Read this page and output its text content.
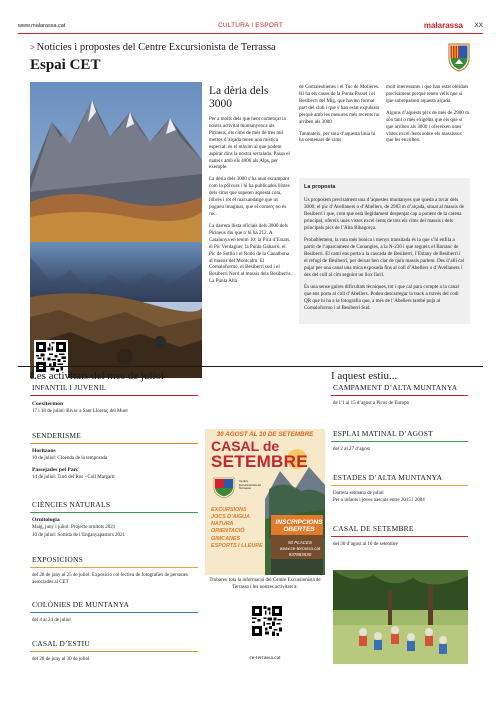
www.malarassa.cat	CULTURA I ESPORT	malarassa XX
> Notícies i propostes del Centre Excursionista de Terrassa
Espai CET
La dèria dels
3000

Per a molts dels que hem començat la nostra activitat muntanyenca als Pirineus, els cims de més de tres mil metres d’alçada tenen una mística especial: és el màxim al que podem aspirar dins la nostra serralada. Passa el mateix amb els 4000 als Alps, per exemple.

La dèria dels 3000 s’ha anat escampant com la pólvora i hi ha publicades llistes dels cims que superen aquesta cota, llibres i tot el marxandatge que us pugueu imaginar, que el comerç no és ruc.

La darrera llista oficials dels 3000 dels Pirineus diu que n’hi ha 212. A Catalunya en tenim 10: la Pica d’Estats, el Pic Verdaguer, la Punta Gabarró, el Pic de Sotllo i el Rodó de la Canalbona al massís del Montcalm. El Comaloformo, el Besiberri sud i el Besiberri Nord al massís dels Besiberris. La Punta Alta

de Comalesbienes i el Tuc de Molières. Hi ha els casos de la Punta Passet i el Besiberri del Mig, que havien format part del club i que s’han estat expulsats perquè amb les mesures més recents no arriben als 3000

Tanmateix, per sota d’aquesta línia hi ha centenars de cims

molt interessants i que han estat oblidats precisament perquè tenen vells que si que sobrepassen aquesta alçada.

Alguns d’aquests pics de més de 2900 m són tant o més exigents que els que sí que arriben als 3000 i ofereixen unes vistes excel·lents sobre els massissos que les envolten.

La proposta

Us proposem precisament una d’aquestes muntanyes que queda a tocar dels 3000: el pic d’Avellaners o d’Abellers, de 2983 m d’alçada, situat al massís de Besiberri i que, com que està llegidament despenjat cap a ponent de la carena principal, ofereix unes vistes excel·lents de tots els cims del massís i dels principals pics de l’Alta Ribagorça.

Probablement, la ruta més bonica i menys transitada és la que s’hi enfila a partir de l’aparcament de Conangles, a la N-230 i que segueix el Barranc de Besiberri. El camí ens porta a la cascada de Besiberri, l’Estany de Besiberri i el refugi de Besiberri, per deixar ben clar de quin massís parlem. Des d’allí cal pujar per una canal una mica exposada fins al coll d’Abellers o d’Avellaners i des del coll al cim seguint un llox fàcil.

És una sense gaires dificultats tècniques, tot i que cal para compte a la canal que ens porta al coll d’Abellers. Podeu descarregar la track a través del codi QR que hi ha a la fotografia que, a més de l’Abellers també puja al Comaloformo i al Besiberri Sud.

Les activitats del mes de juliol
INFANTIL I JUVENIL
Coexitermon
17 i 18 de juliol: Bivac a Sant Llorenç del Munt
SENDERISME
Horitzons
10 de juliol: Cloenda de la temporada
Passejades pel Parc
14 de juliol: Turó del Ros - Coll Margarit
CIÈNCIES NATURALS
Ornitologia
Maig, juny i juliol: Projecte ornitots 2021
10 de juliol: Sortida de l’Enganyapastors 2021
EXPOSICIONS
del 28 de juny al 25 de juliol: Exposició col·lectiva de fotografies de persones associades al CET
COLÒNIES DE MUNTANYA
del 4 al 24 de juliol
CASAL D’ESTIU
del 28 de juny al 30 de juliol
30 AGOST AL 10 DE SETEMBRE
CASAL de
SETEMBRE
Centre Excursionista de Terrassa
EXCURSIONS
JOCS D’AIGUA
NATURA
ORIENTACIÓ
GIMCANES
ESPORTS I LLEURE
INSCRIPCIONS
OBERTES
50 PLACES
www.ce-terrassa.cat
937883530
Trobareu tota la informació del Centre Excursionista de Terrassa i les nostres activitats a:
ce-terrassa.cat
I aquest estiu...
CAMPAMENT D’ALTA MUNTANYA
de l’1 al 15 d’agost a Picos de Europa
ESPLAI MATINAL D’AGOST
del 2 al 27 d’agost
ESTADES D’ALTA MUNTANYA
Darrera setmana de juliol
Per a infants i joves nascuts entre 2015 i 2004
CASAL DE SETEMBRE
del 30 d’agost al 10 de setembre
